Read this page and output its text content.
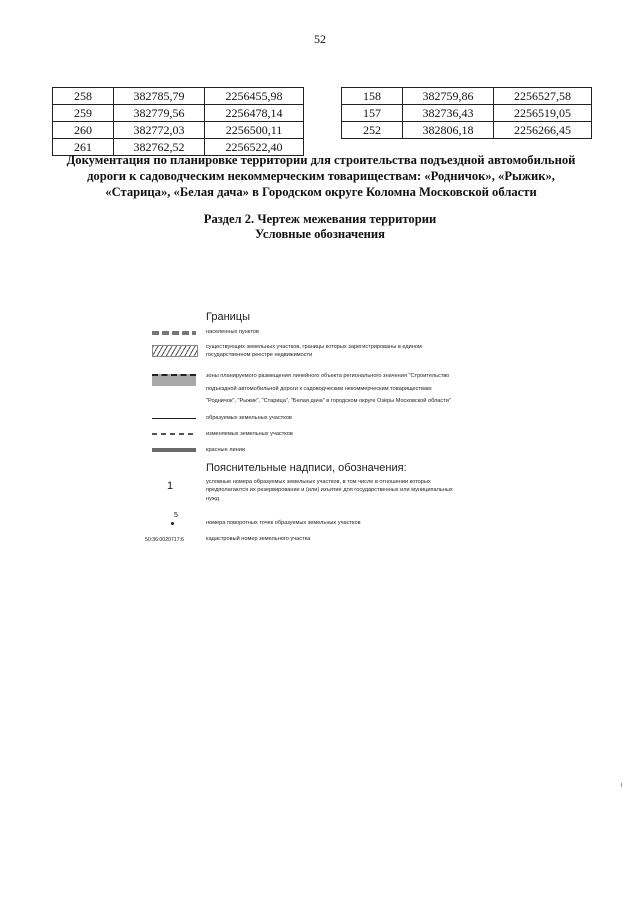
52
258	382785,79	2256455,98
259	382779,56	2256478,14
260	382772,03	2256500,11
261	382762,52	2256522,40
158	382759,86	2256527,58
157	382736,43	2256519,05
252	382806,18	2256266,45
Документация по планировке территории для строительства подъездной автомобильной
дороги к садоводческим некоммерческим товариществам: «Родничок», «Рыжик»,
«Старица», «Белая дача» в Городском округе Коломна Московской области
Раздел 2. Чертеж межевания территории
Условные обозначения
Границы
населенных пунктов
существующих земельных участков, границы которых зарегистрированы в едином
государственном реестре недвижимости
зоны планируемого размещения линейного объекта регионального значения "Строительство
подъездной автомобильной дороги к садоводческим некоммерческим товариществам:
"Родничок", "Рыжик", "Старица", "Белая дача" в городском округе Озёры Московской области"
образуемых земельных участков
изменяемых земельных участков
красные линии
Пояснительные надписи, обозначения:
1	условные номера образуемых земельных участков, в том числе в отношении которых
предполагаются их резервирование и (или) изъятие для государственных или муниципальных
нужд
5
номера поворотных точек образуемых земельных участков
50:36:0020717:6	кадастровый номер земельного участка
